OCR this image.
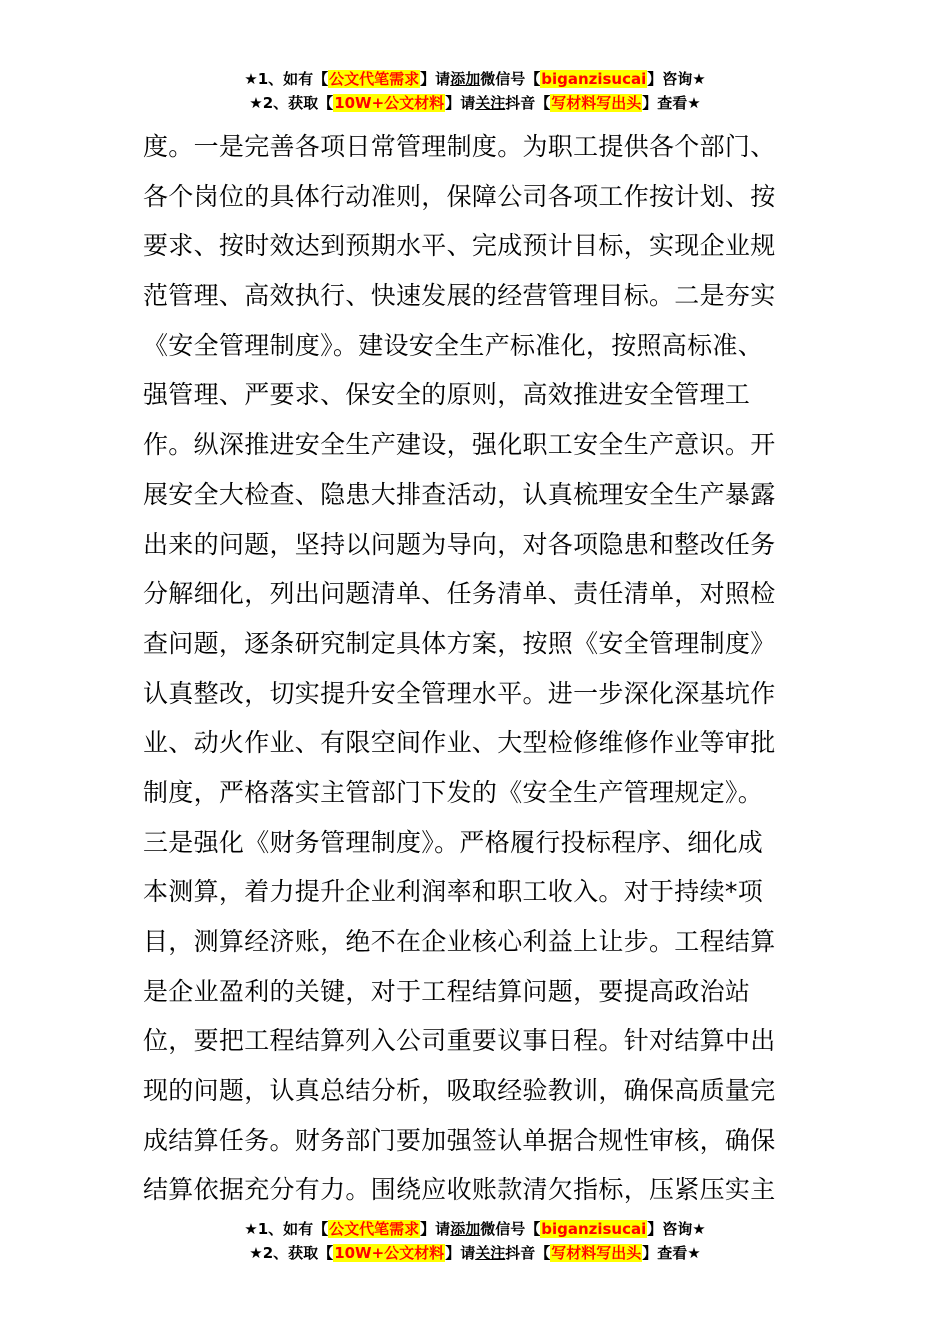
★1、如有【公文代笔需求】请添加微信号【biganzisucai】咨询★
★2、获取【10W+公文材料】请关注抖音【写材料写出头】查看★
度。一是完善各项日常管理制度。为职工提供各个部门、
各个岗位的具体行动准则，保障公司各项工作按计划、按
要求、按时效达到预期水平、完成预计目标，实现企业规
范管理、高效执行、快速发展的经营管理目标。二是夯实
《安全管理制度》。建设安全生产标准化，按照高标准、
强管理、严要求、保安全的原则，高效推进安全管理工
作。纵深推进安全生产建设，强化职工安全生产意识。开
展安全大检查、隐患大排查活动，认真梳理安全生产暴露
出来的问题，坚持以问题为导向，对各项隐患和整改任务
分解细化，列出问题清单、任务清单、责任清单，对照检
查问题，逐条研究制定具体方案，按照《安全管理制度》
认真整改，切实提升安全管理水平。进一步深化深基坑作
业、动火作业、有限空间作业、大型检修维修作业等审批
制度，严格落实主管部门下发的《安全生产管理规定》。
三是强化《财务管理制度》。严格履行投标程序、细化成
本测算，着力提升企业利润率和职工收入。对于持续*项
目，测算经济账，绝不在企业核心利益上让步。工程结算
是企业盈利的关键，对于工程结算问题，要提高政治站
位，要把工程结算列入公司重要议事日程。针对结算中出
现的问题，认真总结分析，吸取经验教训，确保高质量完
成结算任务。财务部门要加强签认单据合规性审核，确保
结算依据充分有力。围绕应收账款清欠指标，压紧压实主
★1、如有【公文代笔需求】请添加微信号【biganzisucai】咨询★
★2、获取【10W+公文材料】请关注抖音【写材料写出头】查看★
